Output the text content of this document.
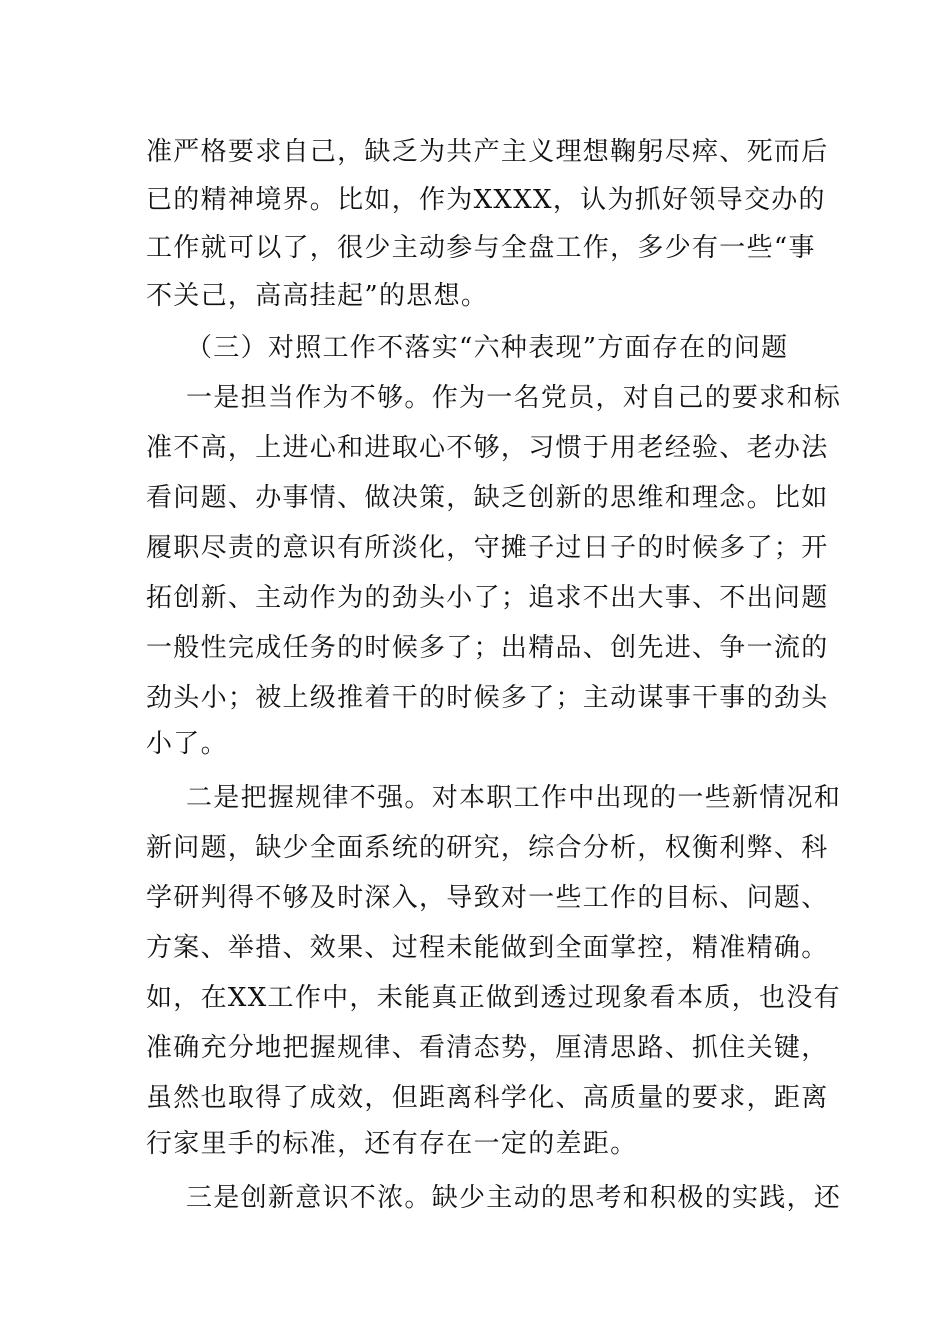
准严格要求自己，缺乏为共产主义理想鞠躬尽瘁、死而后
已的精神境界。比如，作为XXXX，认为抓好领导交办的
工作就可以了，很少主动参与全盘工作，多少有一些“事
不关己，高高挂起”的思想。
（三）对照工作不落实“六种表现”方面存在的问题
一是担当作为不够。作为一名党员，对自己的要求和标
准不高，上进心和进取心不够，习惯于用老经验、老办法
看问题、办事情、做决策，缺乏创新的思维和理念。比如
履职尽责的意识有所淡化，守摊子过日子的时候多了；开
拓创新、主动作为的劲头小了；追求不出大事、不出问题
一般性完成任务的时候多了；出精品、创先进、争一流的
劲头小；被上级推着干的时候多了；主动谋事干事的劲头
小了。
二是把握规律不强。对本职工作中出现的一些新情况和
新问题，缺少全面系统的研究，综合分析，权衡利弊、科
学研判得不够及时深入，导致对一些工作的目标、问题、
方案、举措、效果、过程未能做到全面掌控，精准精确。
如，在XX工作中，未能真正做到透过现象看本质，也没有
准确充分地把握规律、看清态势，厘清思路、抓住关键，
虽然也取得了成效，但距离科学化、高质量的要求，距离
行家里手的标准，还有存在一定的差距。
三是创新意识不浓。缺少主动的思考和积极的实践，还
